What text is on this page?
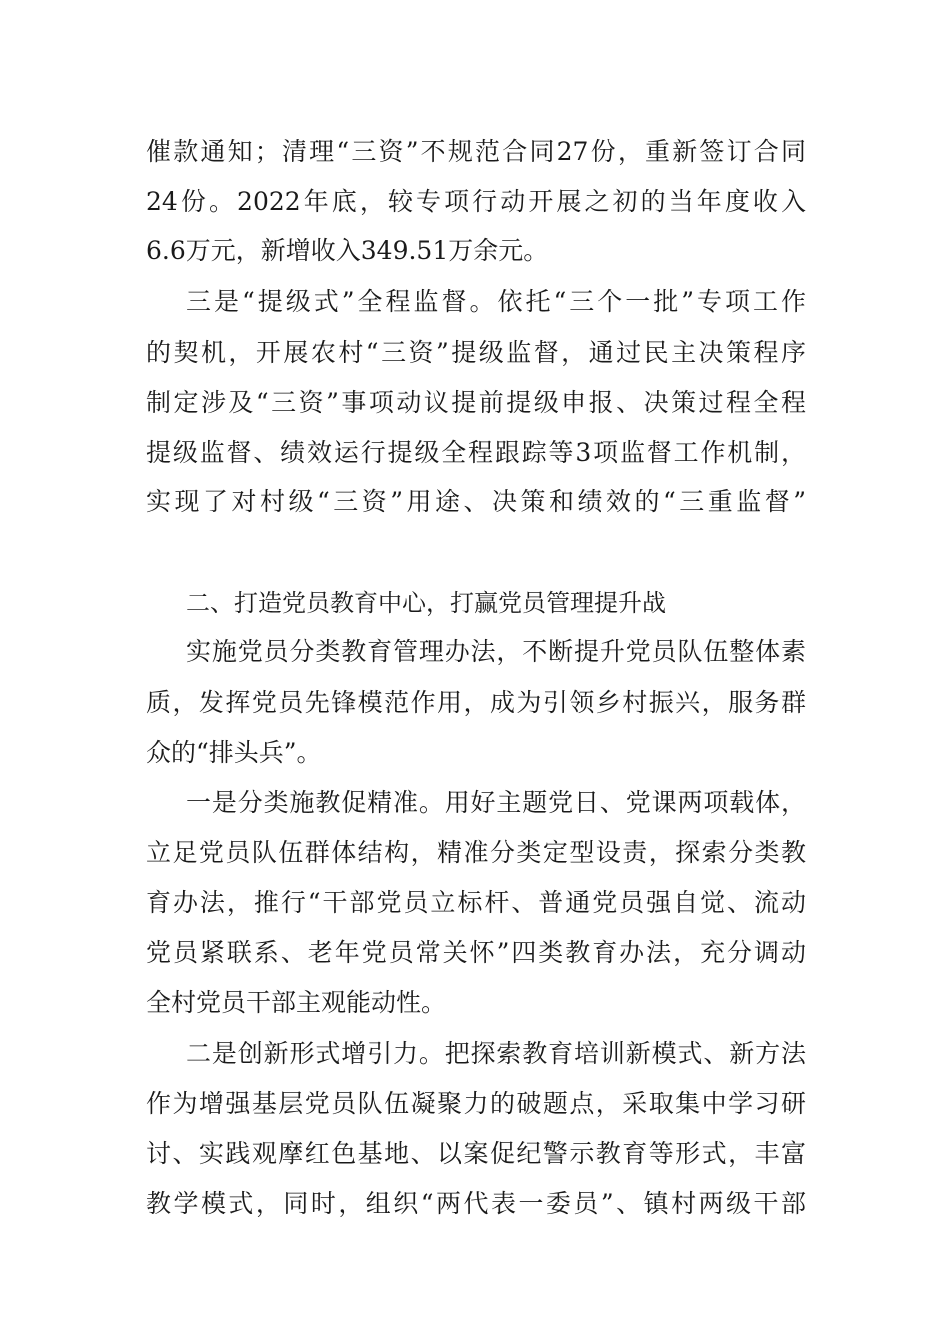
催款通知；清理“三资”不规范合同27份，重新签订合同
24份。2022年底，较专项行动开展之初的当年度收入
6.6万元，新增收入349.51万余元。
三是“提级式”全程监督。依托“三个一批”专项工作
的契机，开展农村“三资”提级监督，通过民主决策程序
制定涉及“三资”事项动议提前提级申报、决策过程全程
提级监督、绩效运行提级全程跟踪等3项监督工作机制，
实现了对村级“三资”用途、决策和绩效的“三重监督”
二、打造党员教育中心，打赢党员管理提升战
实施党员分类教育管理办法，不断提升党员队伍整体素
质，发挥党员先锋模范作用，成为引领乡村振兴，服务群
众的“排头兵”。
一是分类施教促精准。用好主题党日、党课两项载体，
立足党员队伍群体结构，精准分类定型设责，探索分类教
育办法，推行“干部党员立标杆、普通党员强自觉、流动
党员紧联系、老年党员常关怀”四类教育办法，充分调动
全村党员干部主观能动性。
二是创新形式增引力。把探索教育培训新模式、新方法
作为增强基层党员队伍凝聚力的破题点，采取集中学习研
讨、实践观摩红色基地、以案促纪警示教育等形式，丰富
教学模式，同时，组织“两代表一委员”、镇村两级干部
